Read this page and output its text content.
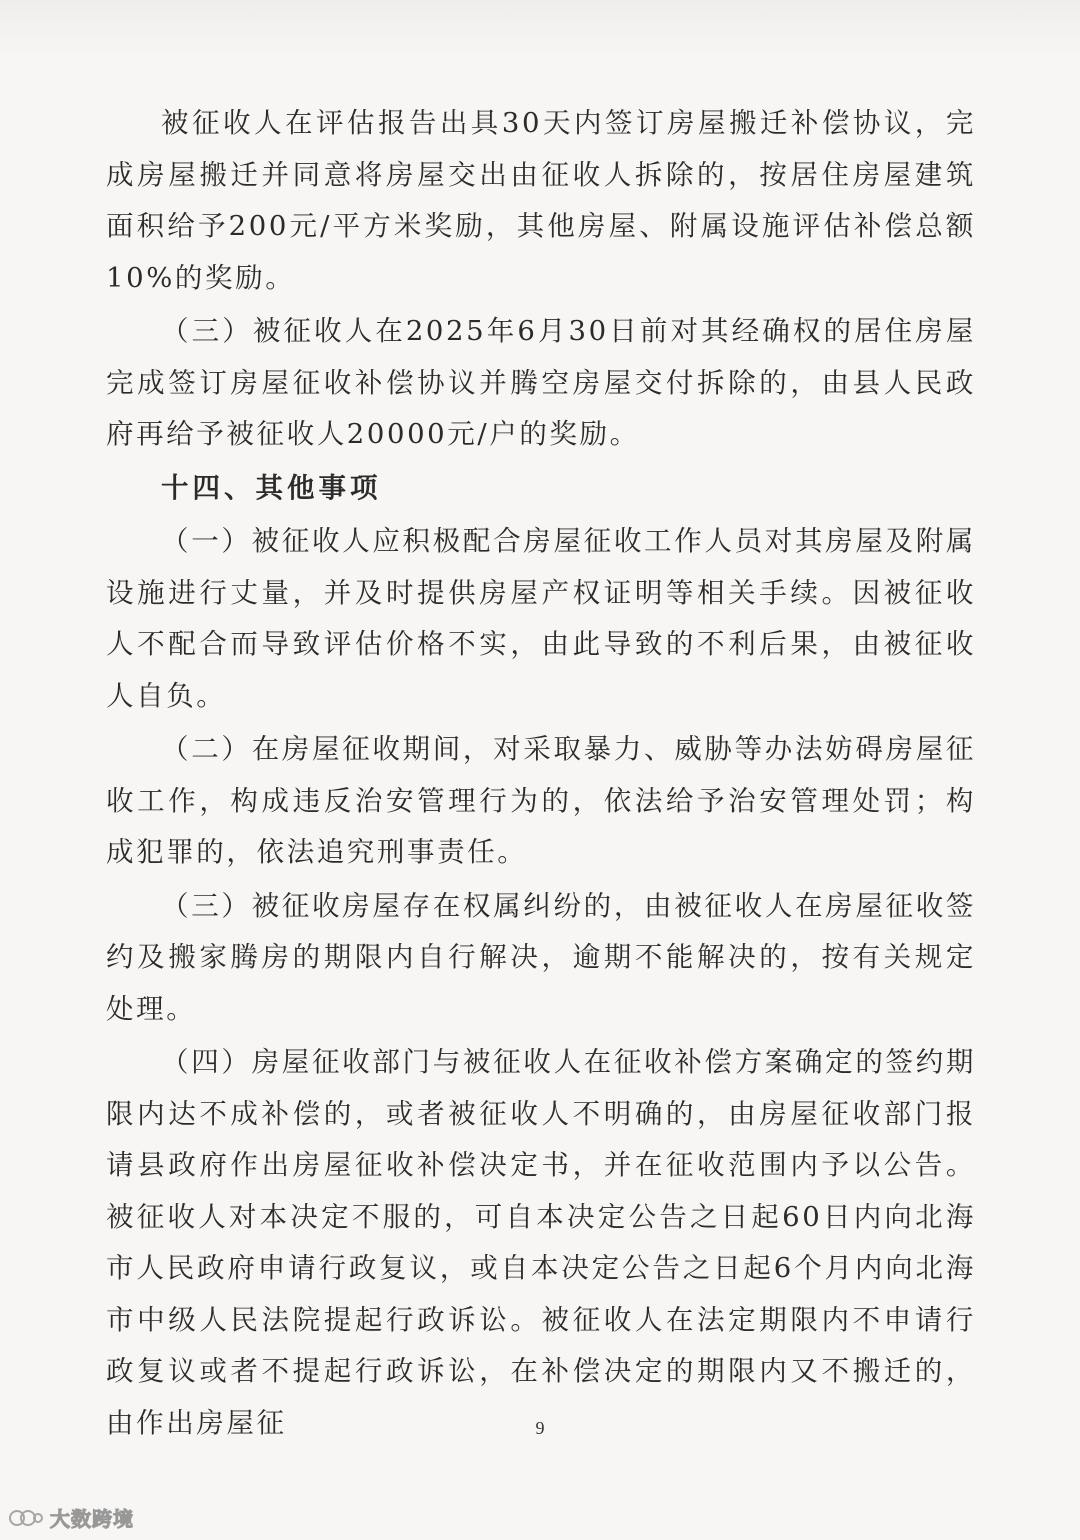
被征收人在评估报告出具30天内签订房屋搬迁补偿协议，完成房屋搬迁并同意将房屋交出由征收人拆除的，按居住房屋建筑面积给予200元/平方米奖励，其他房屋、附属设施评估补偿总额10%的奖励。

（三）被征收人在2025年6月30日前对其经确权的居住房屋完成签订房屋征收补偿协议并腾空房屋交付拆除的，由县人民政府再给予被征收人20000元/户的奖励。

十四、其他事项

（一）被征收人应积极配合房屋征收工作人员对其房屋及附属设施进行丈量，并及时提供房屋产权证明等相关手续。因被征收人不配合而导致评估价格不实，由此导致的不利后果，由被征收人自负。

（二）在房屋征收期间，对采取暴力、威胁等办法妨碍房屋征收工作，构成违反治安管理行为的，依法给予治安管理处罚；构成犯罪的，依法追究刑事责任。

（三）被征收房屋存在权属纠纷的，由被征收人在房屋征收签约及搬家腾房的期限内自行解决，逾期不能解决的，按有关规定处理。

（四）房屋征收部门与被征收人在征收补偿方案确定的签约期限内达不成补偿的，或者被征收人不明确的，由房屋征收部门报请县政府作出房屋征收补偿决定书，并在征收范围内予以公告。被征收人对本决定不服的，可自本决定公告之日起60日内向北海市人民政府申请行政复议，或自本决定公告之日起6个月内向北海市中级人民法院提起行政诉讼。被征收人在法定期限内不申请行政复议或者不提起行政诉讼，在补偿决定的期限内又不搬迁的，由作出房屋征	9
大数跨境
